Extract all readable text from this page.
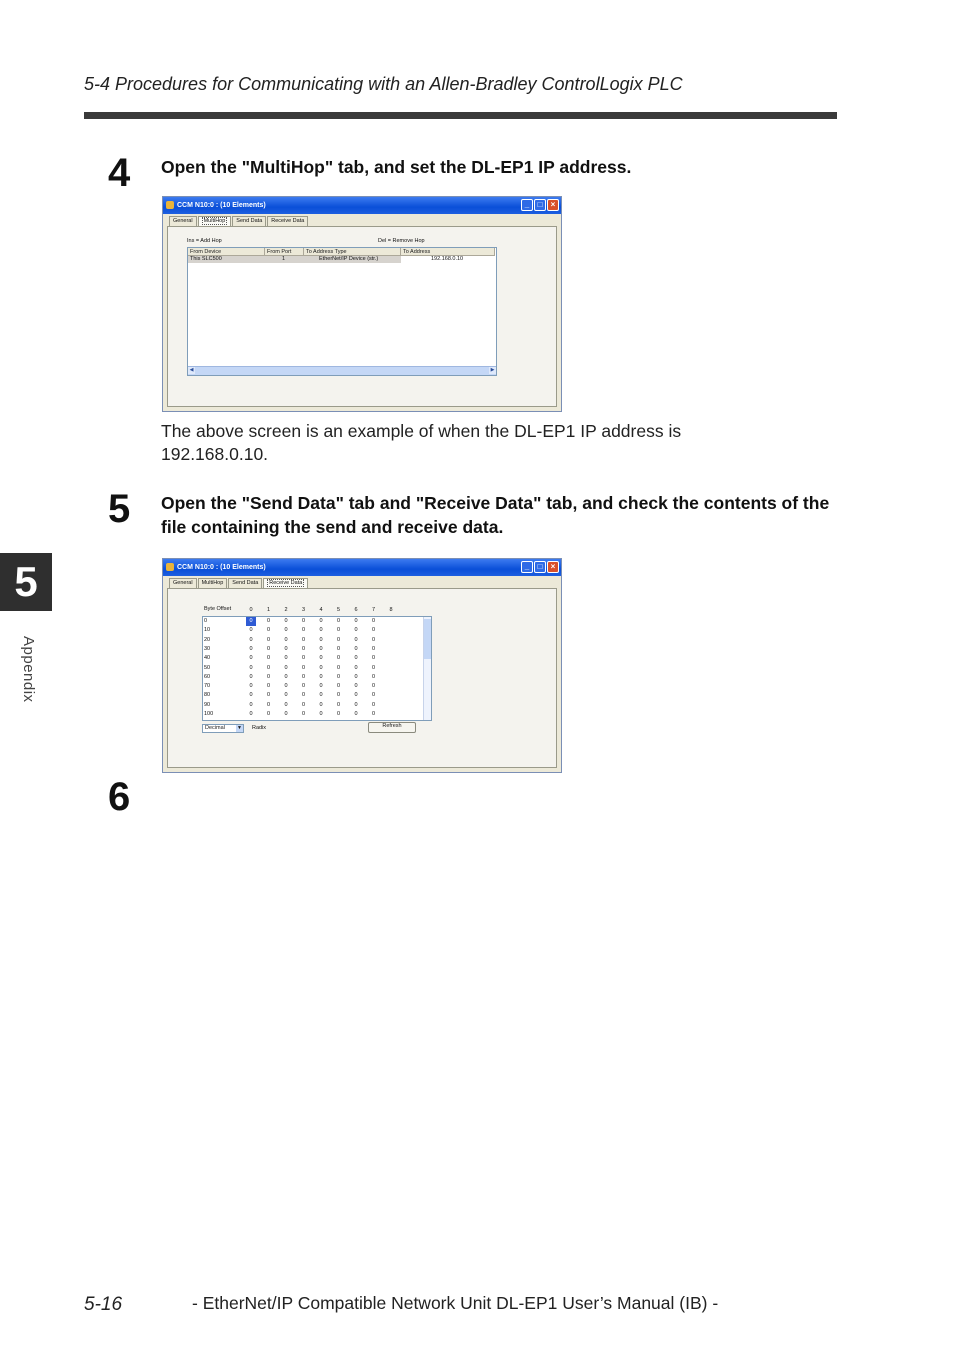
5-4 Procedures for Communicating with an Allen-Bradley ControlLogix PLC
5
Appendix
4 Open the "MultiHop" tab, and set the DL-EP1 IP address.
CCM N10:0 : (10 Elements)	_	□	×
General	MultiHop	Send Data	Receive Data
Ins = Add Hop	Del = Remove Hop
From Device	From Port	To Address Type	To Address
This SLC500	1	EtherNet/IP Device (str.)	192.168.0.10
◀	▶
The above screen is an example of when the DL-EP1 IP address is 192.168.0.10.
5 Open the "Send Data" tab and "Receive Data" tab, and check the contents of the file containing the send and receive data.
CCM N10:0 : (10 Elements)	_	□	×
General	MultiHop	Send Data	Receive Data
Byte Offset	0	1	2	3	4	5	6	7	8
0	0	0	0	0	0	0	0	0
10	0	0	0	0	0	0	0	0
20	0	0	0	0	0	0	0	0
30	0	0	0	0	0	0	0	0
40	0	0	0	0	0	0	0	0
50	0	0	0	0	0	0	0	0
60	0	0	0	0	0	0	0	0
70	0	0	0	0	0	0	0	0
80	0	0	0	0	0	0	0	0
90	0	0	0	0	0	0	0	0
100	0	0	0	0	0	0	0	0
Decimal ▼ Radix	Refresh
6
5-16	- EtherNet/IP Compatible Network Unit DL-EP1 User’s Manual (IB) -
